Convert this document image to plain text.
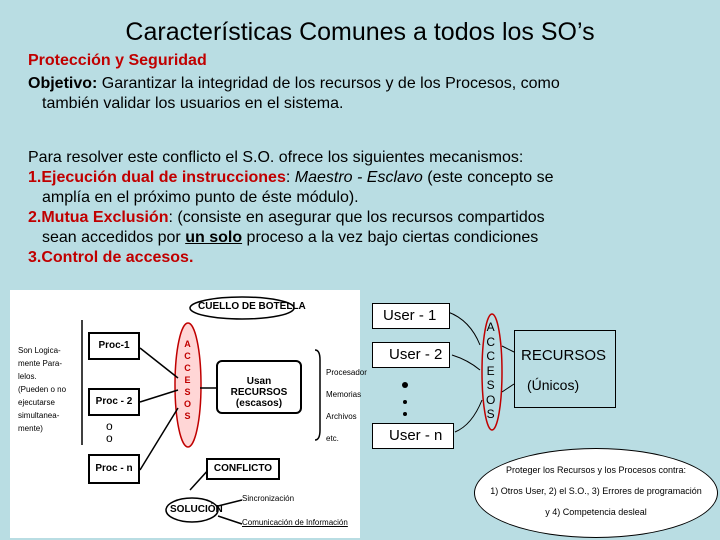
Características Comunes a todos los SO’s
Protección y Seguridad
Objetivo: Garantizar la integridad de los recursos y de los Procesos, como
también validar los usuarios en el sistema.
Para resolver este conflicto el S.O. ofrece los siguientes mecanismos:
1.Ejecución dual de instrucciones: Maestro - Esclavo (este concepto se
amplía en el próximo punto de éste módulo).
2.Mutua Exclusión: (consiste en asegurar que los recursos compartidos
sean accedidos por un solo proceso a la vez bajo ciertas condiciones
3.Control de accesos.
CUELLO DE BOTELLA
Son Logica-
mente Para-
lelos.
(Pueden o no
ejecutarse
simultanea-
mente)
Proc-1
Proc - 2
o
o
Proc - n
A
C
C
E
S
O
S
Usan RECURSOS
(escasos)
Procesador
Memorias
Archivos
etc.
CONFLICTO
SOLUCIÓN
Sincronización
Comunicación de Información
User - 1
User - 2
User - n
A
C
C
E
S
O
S
RECURSOS
(Únicos)
Proteger los Recursos y los Procesos contra:
1) Otros User, 2) el S.O., 3) Errores de programación
y 4) Competencia desleal
